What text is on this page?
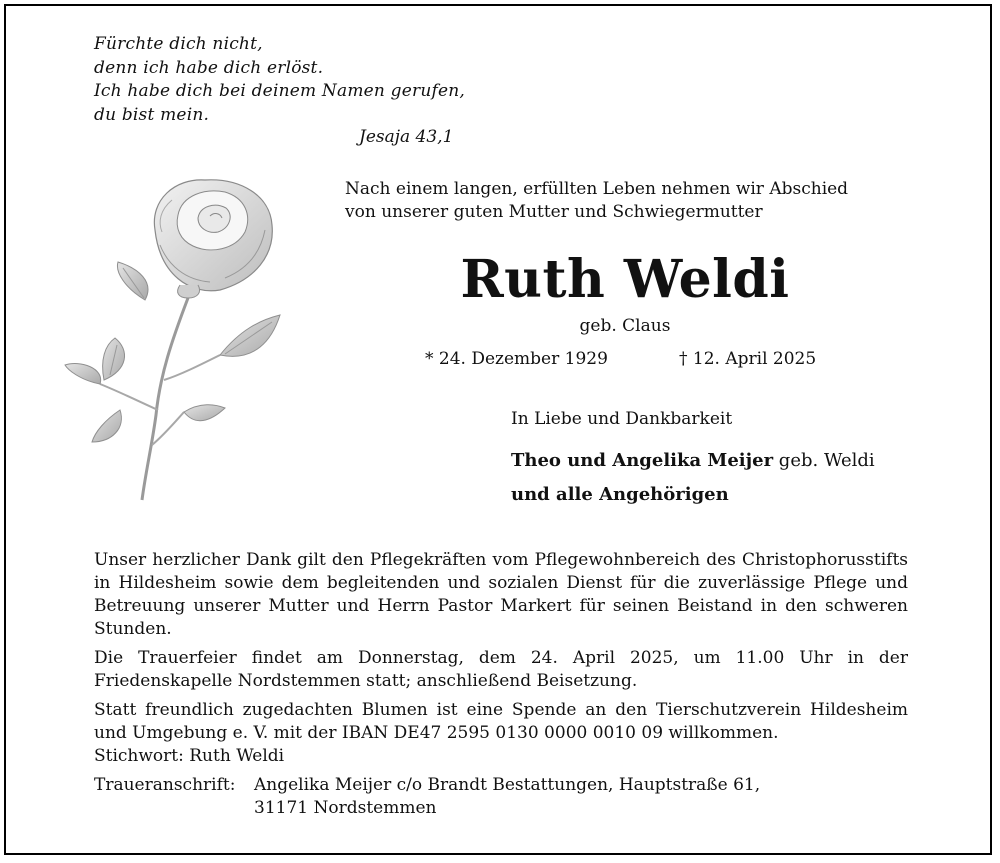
Fürchte dich nicht,
denn ich habe dich erlöst.
Ich habe dich bei deinem Namen gerufen,
du bist mein.
Jesaja 43,1
Nach einem langen, erfüllten Leben nehmen wir Abschied
von unserer guten Mutter und Schwiegermutter
Ruth Weldi
geb. Claus
* 24. Dezember 1929	† 12. April 2025
In Liebe und Dankbarkeit
Theo und Angelika Meijer geb. Weldi
und alle Angehörigen

Unser herzlicher Dank gilt den Pflegekräften vom Pflegewohnbereich des Christophorusstifts in Hildesheim sowie dem begleitenden und sozialen Dienst für die zuverlässige Pflege und Betreuung unserer Mutter und Herrn Pastor Markert für seinen Beistand in den schweren Stunden.

Die Trauerfeier findet am Donnerstag, dem 24. April 2025, um 11.00 Uhr in der Friedenskapelle Nordstemmen statt; anschließend Beisetzung.

Statt freundlich zugedachten Blumen ist eine Spende an den Tierschutzverein Hildesheim und Umgebung e. V. mit der IBAN DE47 2595 0130 0000 0010 09 willkommen.

Stichwort: Ruth Weldi
Traueranschrift:	Angelika Meijer c/o Brandt Bestattungen, Hauptstraße 61,
31171 Nordstemmen
